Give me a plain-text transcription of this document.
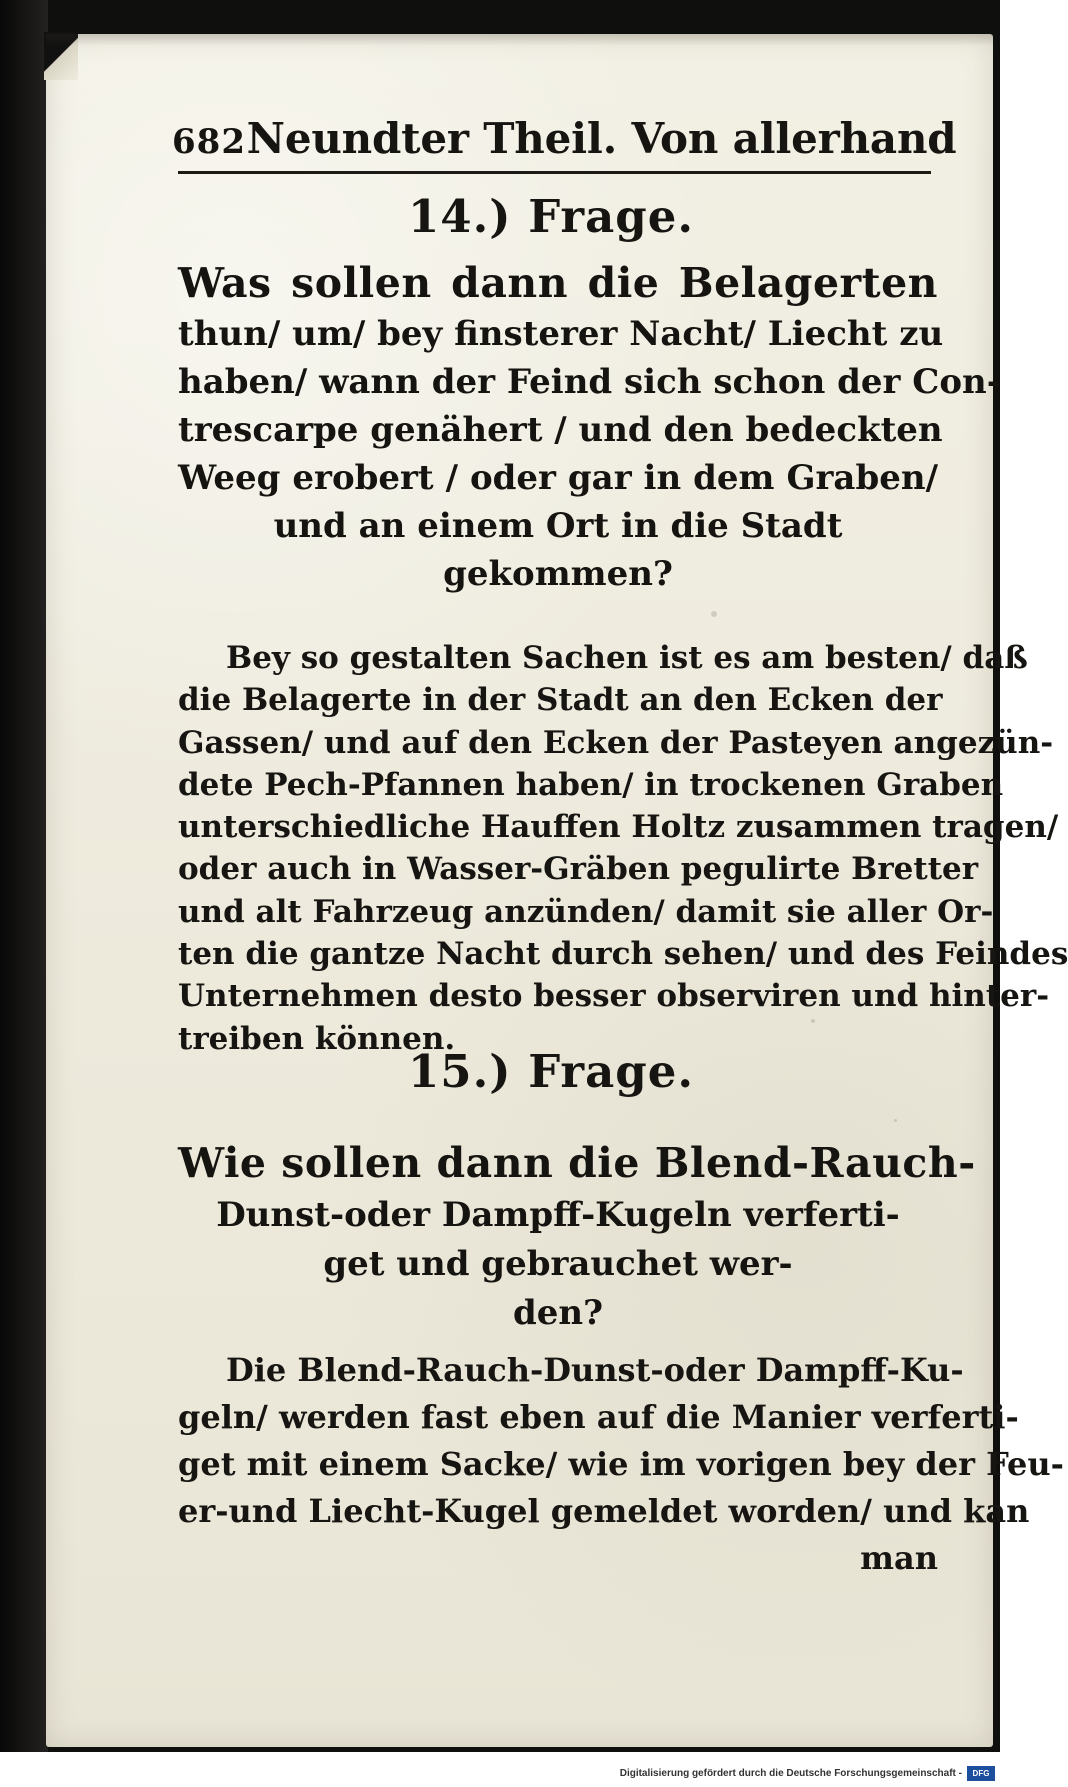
682 Neundter Theil. Von allerhand
14.) Frage.
Was sollen dann die Belagerten
thun/ um/ bey finsterer Nacht/ Liecht zu
haben/ wann der Feind sich schon der Con-
trescarpe genähert / und den bedeckten
Weeg erobert / oder gar in dem Graben/
und an einem Ort in die Stadt
gekommen?
Bey so gestalten Sachen ist es am besten/ daß
die Belagerte in der Stadt an den Ecken der
Gassen/ und auf den Ecken der Pasteyen angezün-
dete Pech-Pfannen haben/ in trockenen Graben
unterschiedliche Hauffen Holtz zusammen tragen/
oder auch in Wasser-Gräben pegulirte Bretter
und alt Fahrzeug anzünden/ damit sie aller Or-
ten die gantze Nacht durch sehen/ und des Feindes
Unternehmen desto besser observiren und hinter-
treiben können.
15.) Frage.
Wie sollen dann die Blend-Rauch-
Dunst-oder Dampff-Kugeln verferti-
get und gebrauchet wer-
den?
Die Blend-Rauch-Dunst-oder Dampff-Ku-
geln/ werden fast eben auf die Manier verferti-
get mit einem Sacke/ wie im vorigen bey der Feu-
er-und Liecht-Kugel gemeldet worden/ und kan
man
Digitalisierung gefördert durch die Deutsche Forschungsgemeinschaft -	DFG
